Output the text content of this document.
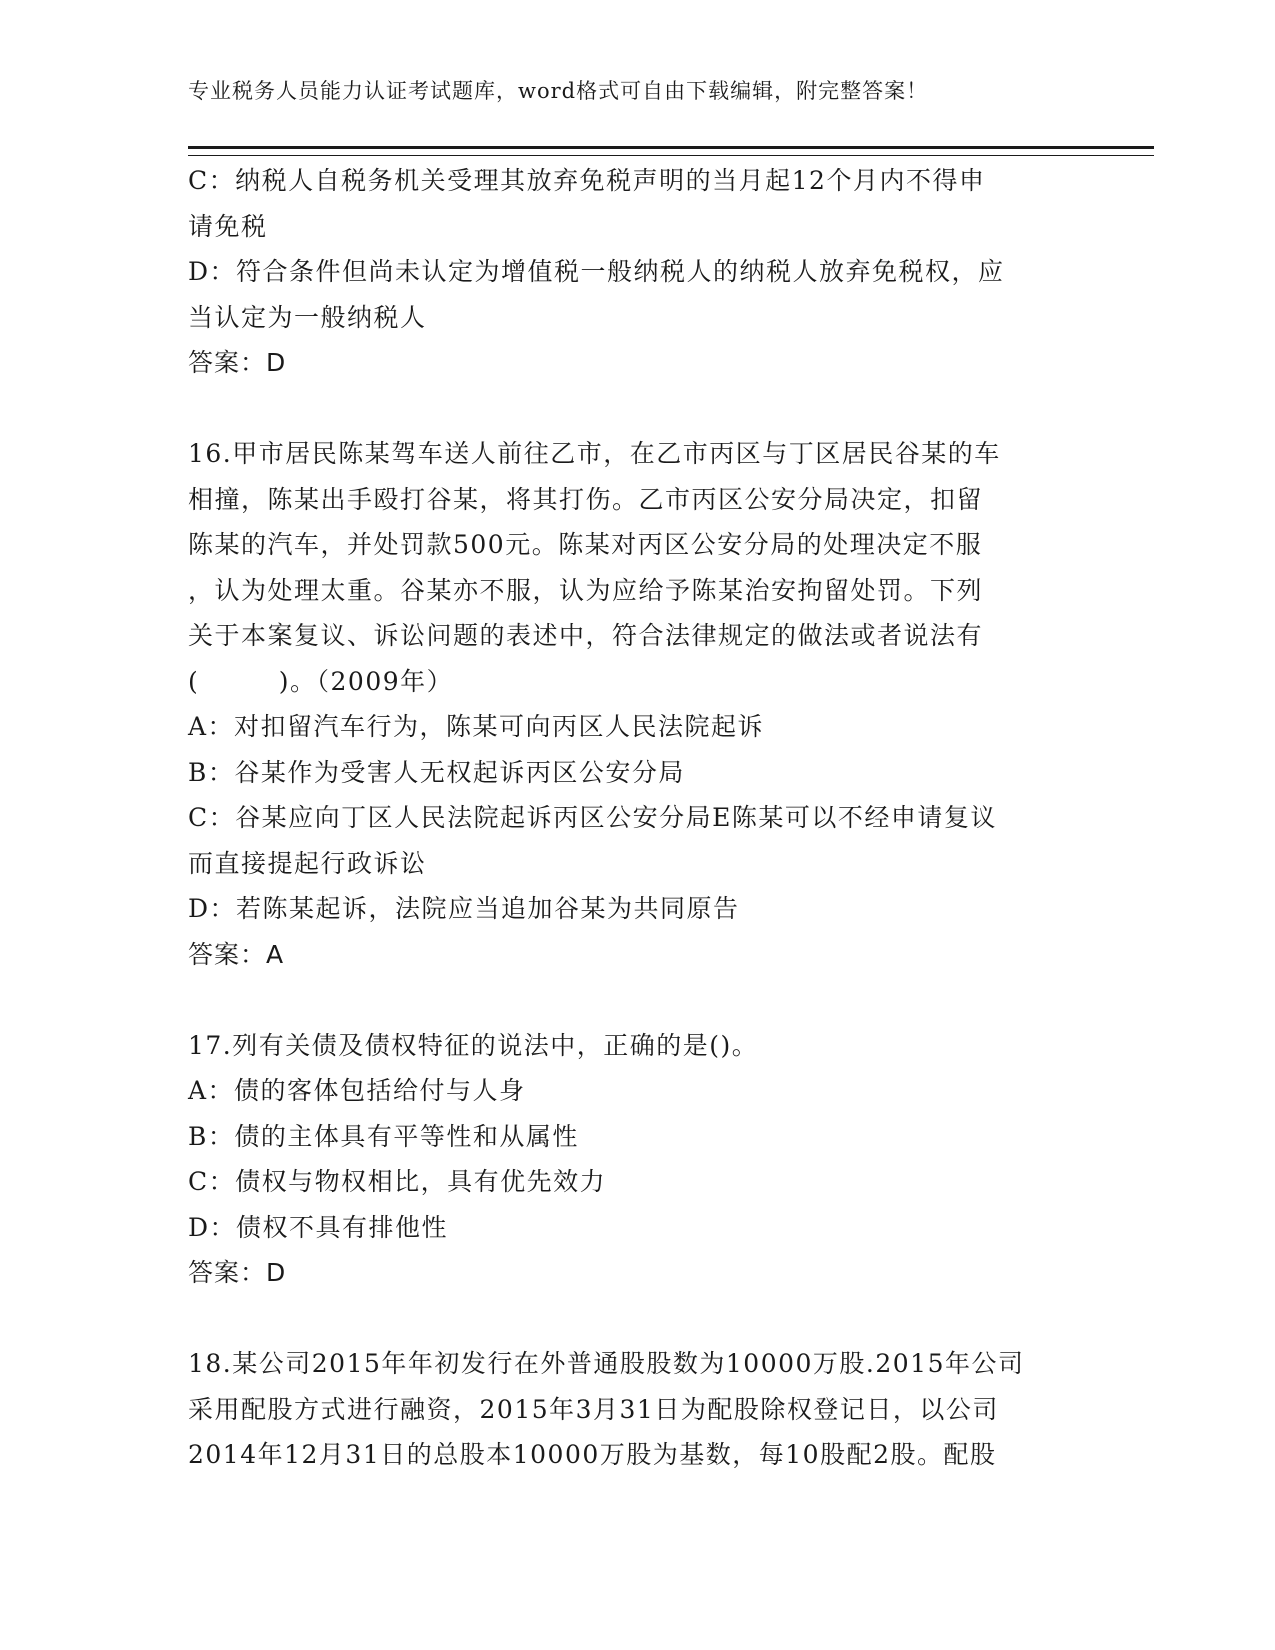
专业税务人员能力认证考试题库，word格式可自由下载编辑，附完整答案！
C：纳税人自税务机关受理其放弃免税声明的当月起12个月内不得申
请免税
D：符合条件但尚未认定为增值税一般纳税人的纳税人放弃免税权，应
当认定为一般纳税人
答案：D
16.甲市居民陈某驾车送人前往乙市，在乙市丙区与丁区居民谷某的车
相撞，陈某出手殴打谷某，将其打伤。乙市丙区公安分局决定，扣留
陈某的汽车，并处罚款500元。陈某对丙区公安分局的处理决定不服
，认为处理太重。谷某亦不服，认为应给予陈某治安拘留处罚。下列
关于本案复议、诉讼问题的表述中，符合法律规定的做法或者说法有
(　　　)。（2009年）
A：对扣留汽车行为，陈某可向丙区人民法院起诉
B：谷某作为受害人无权起诉丙区公安分局
C：谷某应向丁区人民法院起诉丙区公安分局E陈某可以不经申请复议
而直接提起行政诉讼
D：若陈某起诉，法院应当追加谷某为共同原告
答案：A
17.列有关债及债权特征的说法中，正确的是()。
A：债的客体包括给付与人身
B：债的主体具有平等性和从属性
C：债权与物权相比，具有优先效力
D：债权不具有排他性
答案：D
18.某公司2015年年初发行在外普通股股数为10000万股.2015年公司
采用配股方式进行融资，2015年3月31日为配股除权登记日，以公司
2014年12月31日的总股本10000万股为基数，每10股配2股。配股
